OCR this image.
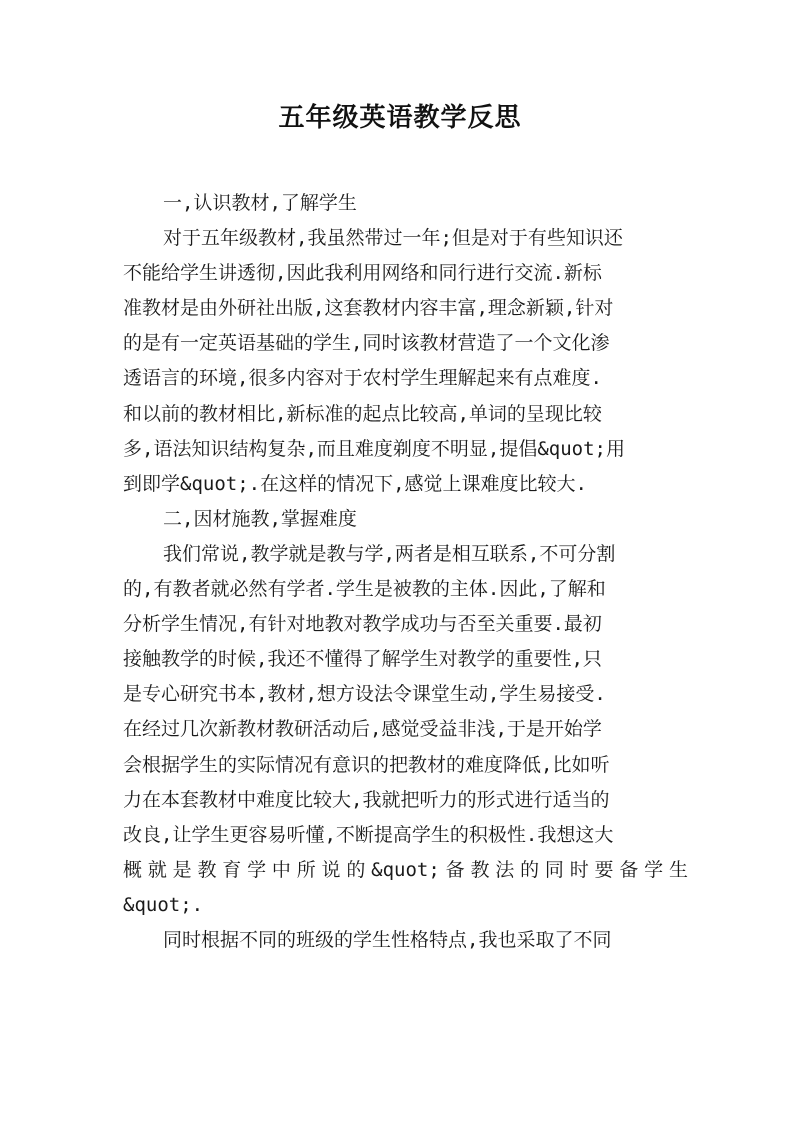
五年级英语教学反思
一,认识教材,了解学生
对于五年级教材,我虽然带过一年;但是对于有些知识还
不能给学生讲透彻,因此我利用网络和同行进行交流.新标
准教材是由外研社出版,这套教材内容丰富,理念新颖,针对
的是有一定英语基础的学生,同时该教材营造了一个文化渗
透语言的环境,很多内容对于农村学生理解起来有点难度.
和以前的教材相比,新标准的起点比较高,单词的呈现比较
多,语法知识结构复杂,而且难度剃度不明显,提倡&quot;用
到即学&quot;.在这样的情况下,感觉上课难度比较大.
二,因材施教,掌握难度
我们常说,教学就是教与学,两者是相互联系,不可分割
的,有教者就必然有学者.学生是被教的主体.因此,了解和
分析学生情况,有针对地教对教学成功与否至关重要.最初
接触教学的时候,我还不懂得了解学生对教学的重要性,只
是专心研究书本,教材,想方设法令课堂生动,学生易接受.
在经过几次新教材教研活动后,感觉受益非浅,于是开始学
会根据学生的实际情况有意识的把教材的难度降低,比如听
力在本套教材中难度比较大,我就把听力的形式进行适当的
改良,让学生更容易听懂,不断提高学生的积极性.我想这大
概就是教育学中所说的&quot;备教法的同时要备学生
&quot;.
同时根据不同的班级的学生性格特点,我也采取了不同
